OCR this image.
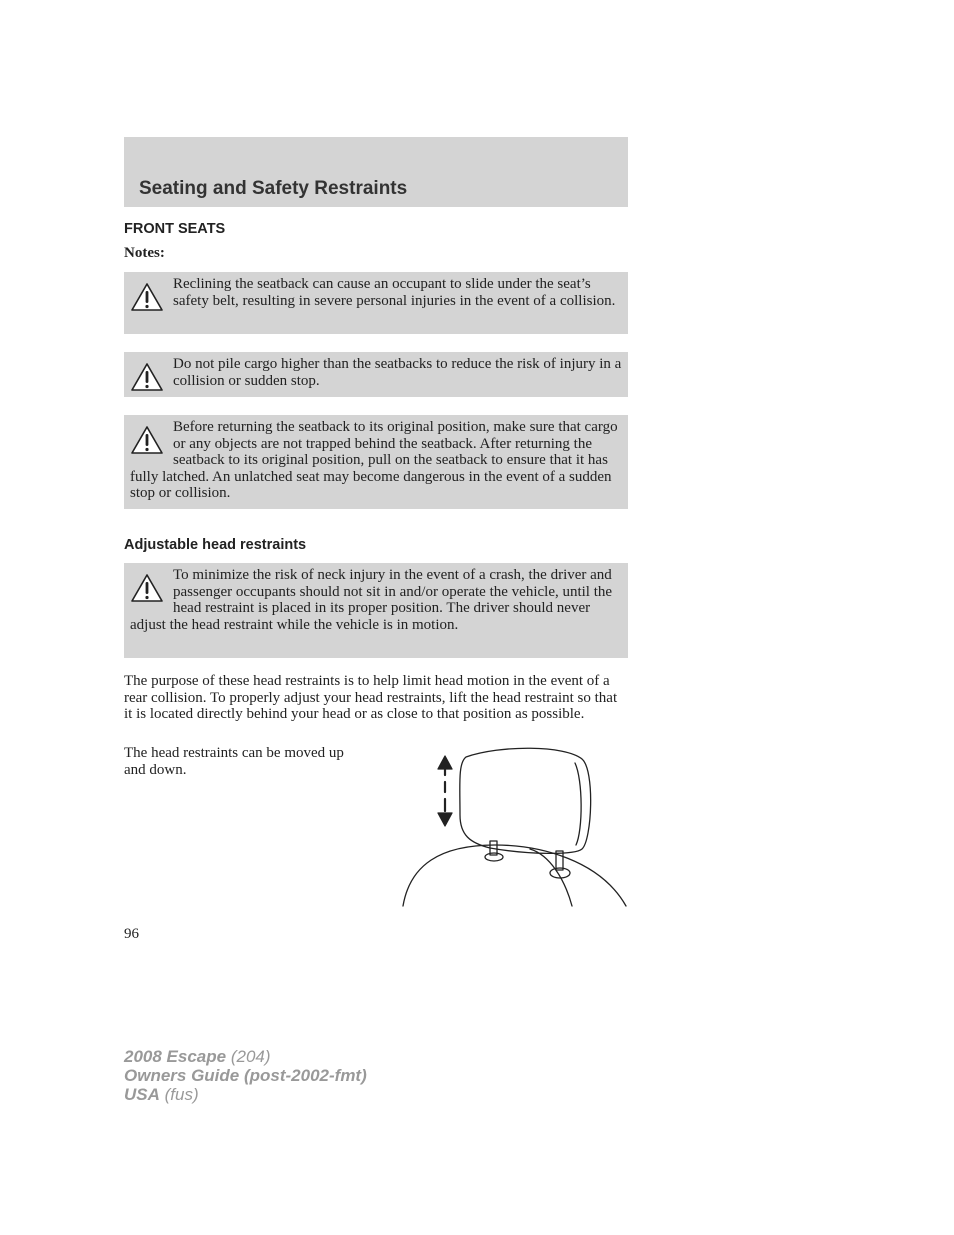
Seating and Safety Restraints
FRONT SEATS
Notes:

Reclining the seatback can cause an occupant to slide under the seat’s safety belt, resulting in severe personal injuries in the event of a collision.

Do not pile cargo higher than the seatbacks to reduce the risk of injury in a collision or sudden stop.

Before returning the seatback to its original position, make sure that cargo or any objects are not trapped behind the seatback. After returning the seatback to its original position, pull on the seatback to ensure that it has fully latched. An unlatched seat may become dangerous in the event of a sudden stop or collision.

Adjustable head restraints

To minimize the risk of neck injury in the event of a crash, the driver and passenger occupants should not sit in and/or operate the vehicle, until the head restraint is placed in its proper position. The driver should never adjust the head restraint while the vehicle is in motion.

The purpose of these head restraints is to help limit head motion in the event of a rear collision. To properly adjust your head restraints, lift the head restraint so that it is located directly behind your head or as close to that position as possible.

The head restraints can be moved up and down.

96
2008 Escape (204)
Owners Guide (post-2002-fmt)
USA (fus)
